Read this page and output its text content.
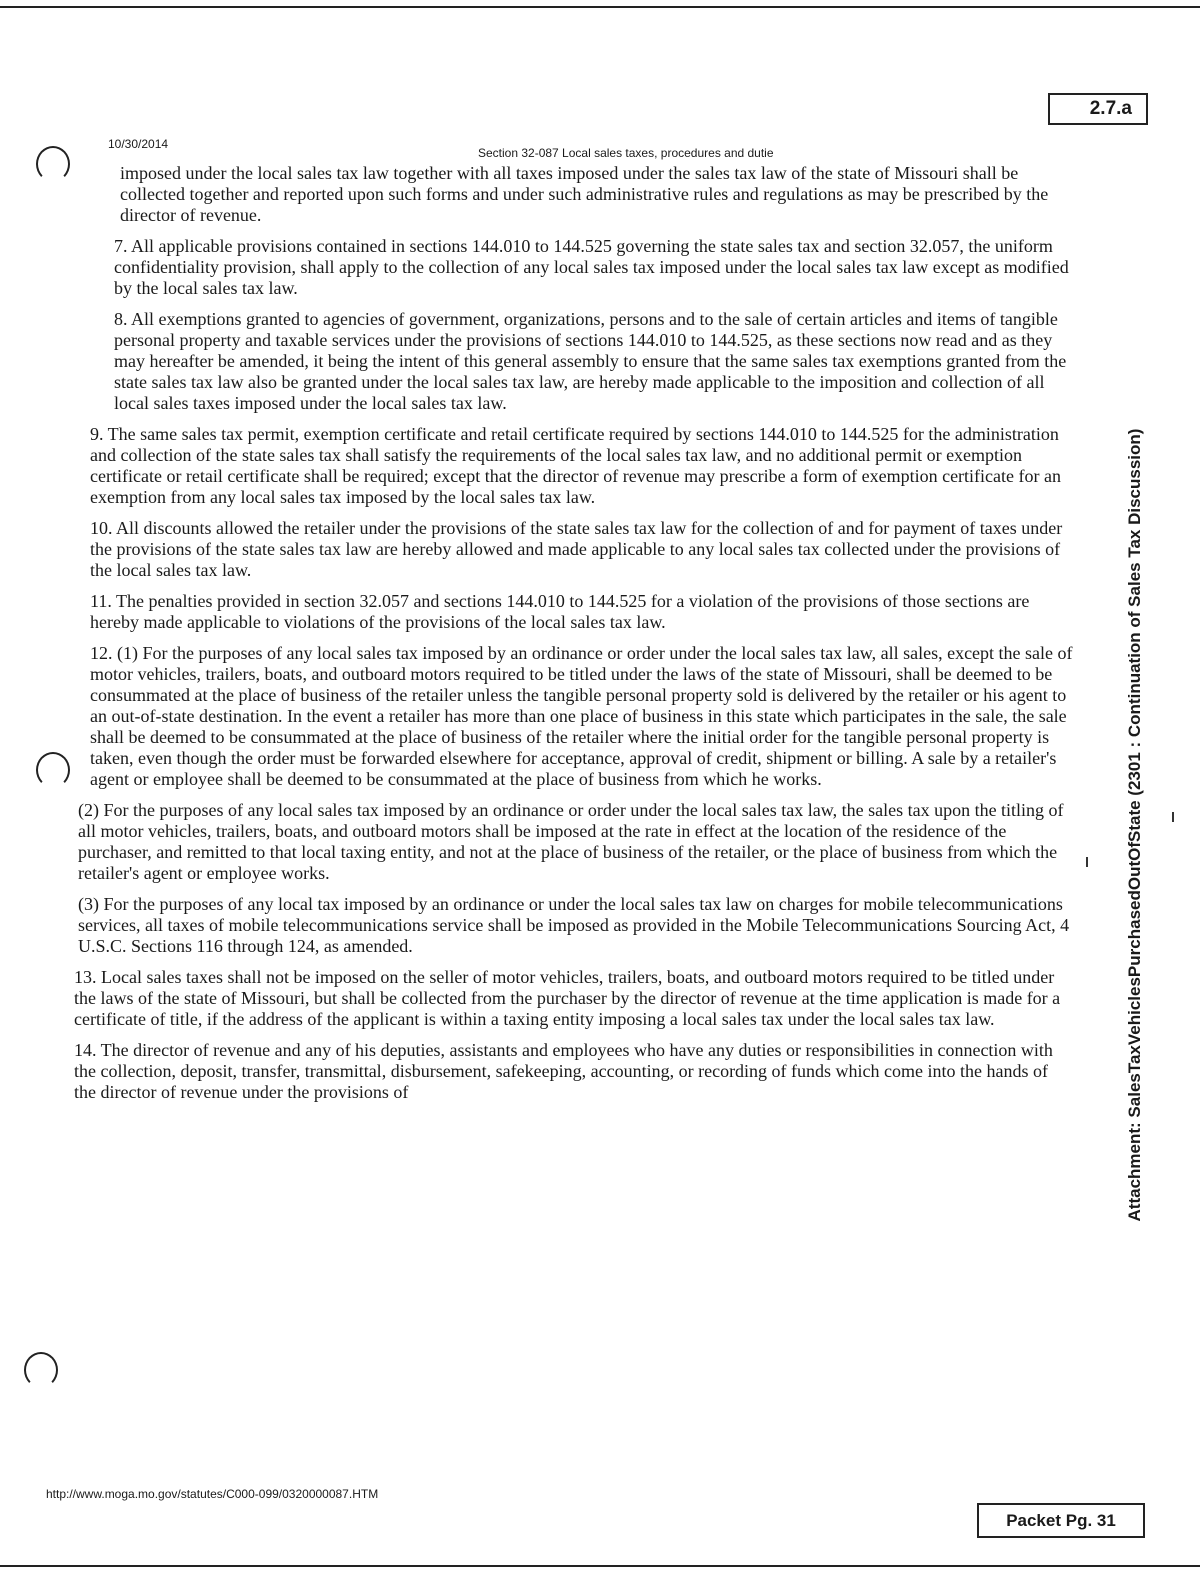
2.7.a
10/30/2014
Section 32-087 Local sales taxes, procedures and dutie

imposed under the local sales tax law together with all taxes imposed under the sales tax law of the state of Missouri shall be collected together and reported upon such forms and under such administrative rules and regulations as may be prescribed by the director of revenue.

7. All applicable provisions contained in sections 144.010 to 144.525 governing the state sales tax and section 32.057, the uniform confidentiality provision, shall apply to the collection of any local sales tax imposed under the local sales tax law except as modified by the local sales tax law.

8. All exemptions granted to agencies of government, organizations, persons and to the sale of certain articles and items of tangible personal property and taxable services under the provisions of sections 144.010 to 144.525, as these sections now read and as they may hereafter be amended, it being the intent of this general assembly to ensure that the same sales tax exemptions granted from the state sales tax law also be granted under the local sales tax law, are hereby made applicable to the imposition and collection of all local sales taxes imposed under the local sales tax law.

9. The same sales tax permit, exemption certificate and retail certificate required by sections 144.010 to 144.525 for the administration and collection of the state sales tax shall satisfy the requirements of the local sales tax law, and no additional permit or exemption certificate or retail certificate shall be required; except that the director of revenue may prescribe a form of exemption certificate for an exemption from any local sales tax imposed by the local sales tax law.

10. All discounts allowed the retailer under the provisions of the state sales tax law for the collection of and for payment of taxes under the provisions of the state sales tax law are hereby allowed and made applicable to any local sales tax collected under the provisions of the local sales tax law.

11. The penalties provided in section 32.057 and sections 144.010 to 144.525 for a violation of the provisions of those sections are hereby made applicable to violations of the provisions of the local sales tax law.

12. (1) For the purposes of any local sales tax imposed by an ordinance or order under the local sales tax law, all sales, except the sale of motor vehicles, trailers, boats, and outboard motors required to be titled under the laws of the state of Missouri, shall be deemed to be consummated at the place of business of the retailer unless the tangible personal property sold is delivered by the retailer or his agent to an out-of-state destination. In the event a retailer has more than one place of business in this state which participates in the sale, the sale shall be deemed to be consummated at the place of business of the retailer where the initial order for the tangible personal property is taken, even though the order must be forwarded elsewhere for acceptance, approval of credit, shipment or billing. A sale by a retailer's agent or employee shall be deemed to be consummated at the place of business from which he works.

(2) For the purposes of any local sales tax imposed by an ordinance or order under the local sales tax law, the sales tax upon the titling of all motor vehicles, trailers, boats, and outboard motors shall be imposed at the rate in effect at the location of the residence of the purchaser, and remitted to that local taxing entity, and not at the place of business of the retailer, or the place of business from which the retailer's agent or employee works.

(3) For the purposes of any local tax imposed by an ordinance or under the local sales tax law on charges for mobile telecommunications services, all taxes of mobile telecommunications service shall be imposed as provided in the Mobile Telecommunications Sourcing Act, 4 U.S.C. Sections 116 through 124, as amended.

13. Local sales taxes shall not be imposed on the seller of motor vehicles, trailers, boats, and outboard motors required to be titled under the laws of the state of Missouri, but shall be collected from the purchaser by the director of revenue at the time application is made for a certificate of title, if the address of the applicant is within a taxing entity imposing a local sales tax under the local sales tax law.

14. The director of revenue and any of his deputies, assistants and employees who have any duties or responsibilities in connection with the collection, deposit, transfer, transmittal, disbursement, safekeeping, accounting, or recording of funds which come into the hands of the director of revenue under the provisions of	Attachment: SalesTaxVehiclesPurchasedOutOfState (2301 : Continuation of Sales Tax Discussion)
http://www.moga.mo.gov/statutes/C000-099/0320000087.HTM
Packet Pg. 31
